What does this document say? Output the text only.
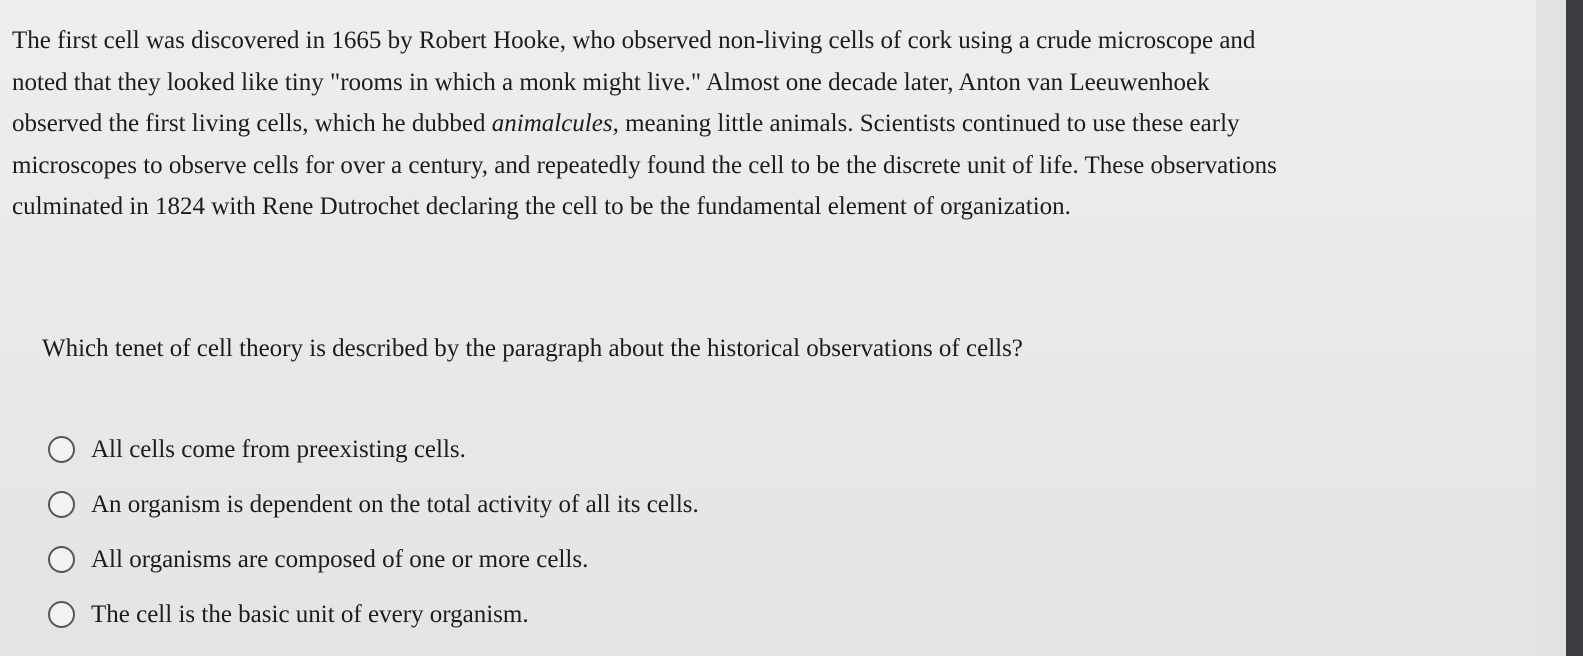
The first cell was discovered in 1665 by Robert Hooke, who observed non-living cells of cork using a crude microscope and
noted that they looked like tiny "rooms in which a monk might live." Almost one decade later, Anton van Leeuwenhoek
observed the first living cells, which he dubbed animalcules, meaning little animals. Scientists continued to use these early
microscopes to observe cells for over a century, and repeatedly found the cell to be the discrete unit of life. These observations
culminated in 1824 with Rene Dutrochet declaring the cell to be the fundamental element of organization.

Which tenet of cell theory is described by the paragraph about the historical observations of cells?

All cells come from preexisting cells.
An organism is dependent on the total activity of all its cells.
All organisms are composed of one or more cells.
The cell is the basic unit of every organism.
